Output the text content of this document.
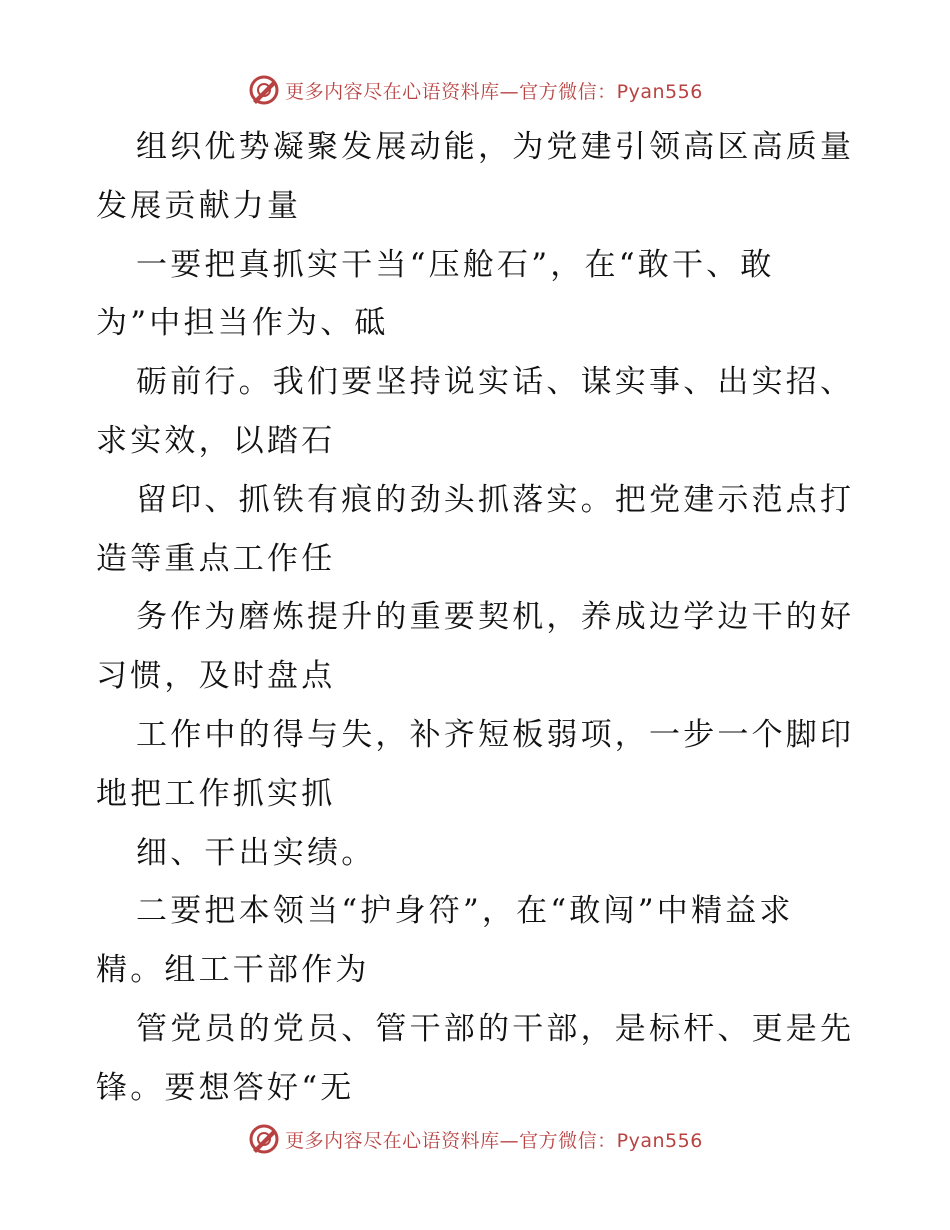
更多内容尽在心语资料库 —官方微信：Pyan556
组织优势凝聚发展动能，为党建引领高区高质量
发展贡献力量
一要把真抓实干当“压舱石”，在“敢干、敢
为”中担当作为、砥
砺前行。我们要坚持说实话、谋实事、出实招、
求实效，以踏石
留印、抓铁有痕的劲头抓落实。把党建示范点打
造等重点工作任
务作为磨炼提升的重要契机，养成边学边干的好
习惯，及时盘点
工作中的得与失，补齐短板弱项，一步一个脚印
地把工作抓实抓
细、干出实绩。
二要把本领当“护身符”，在“敢闯”中精益求
精。组工干部作为
管党员的党员、管干部的干部，是标杆、更是先
锋。要想答好“无
更多内容尽在心语资料库 —官方微信：Pyan556
